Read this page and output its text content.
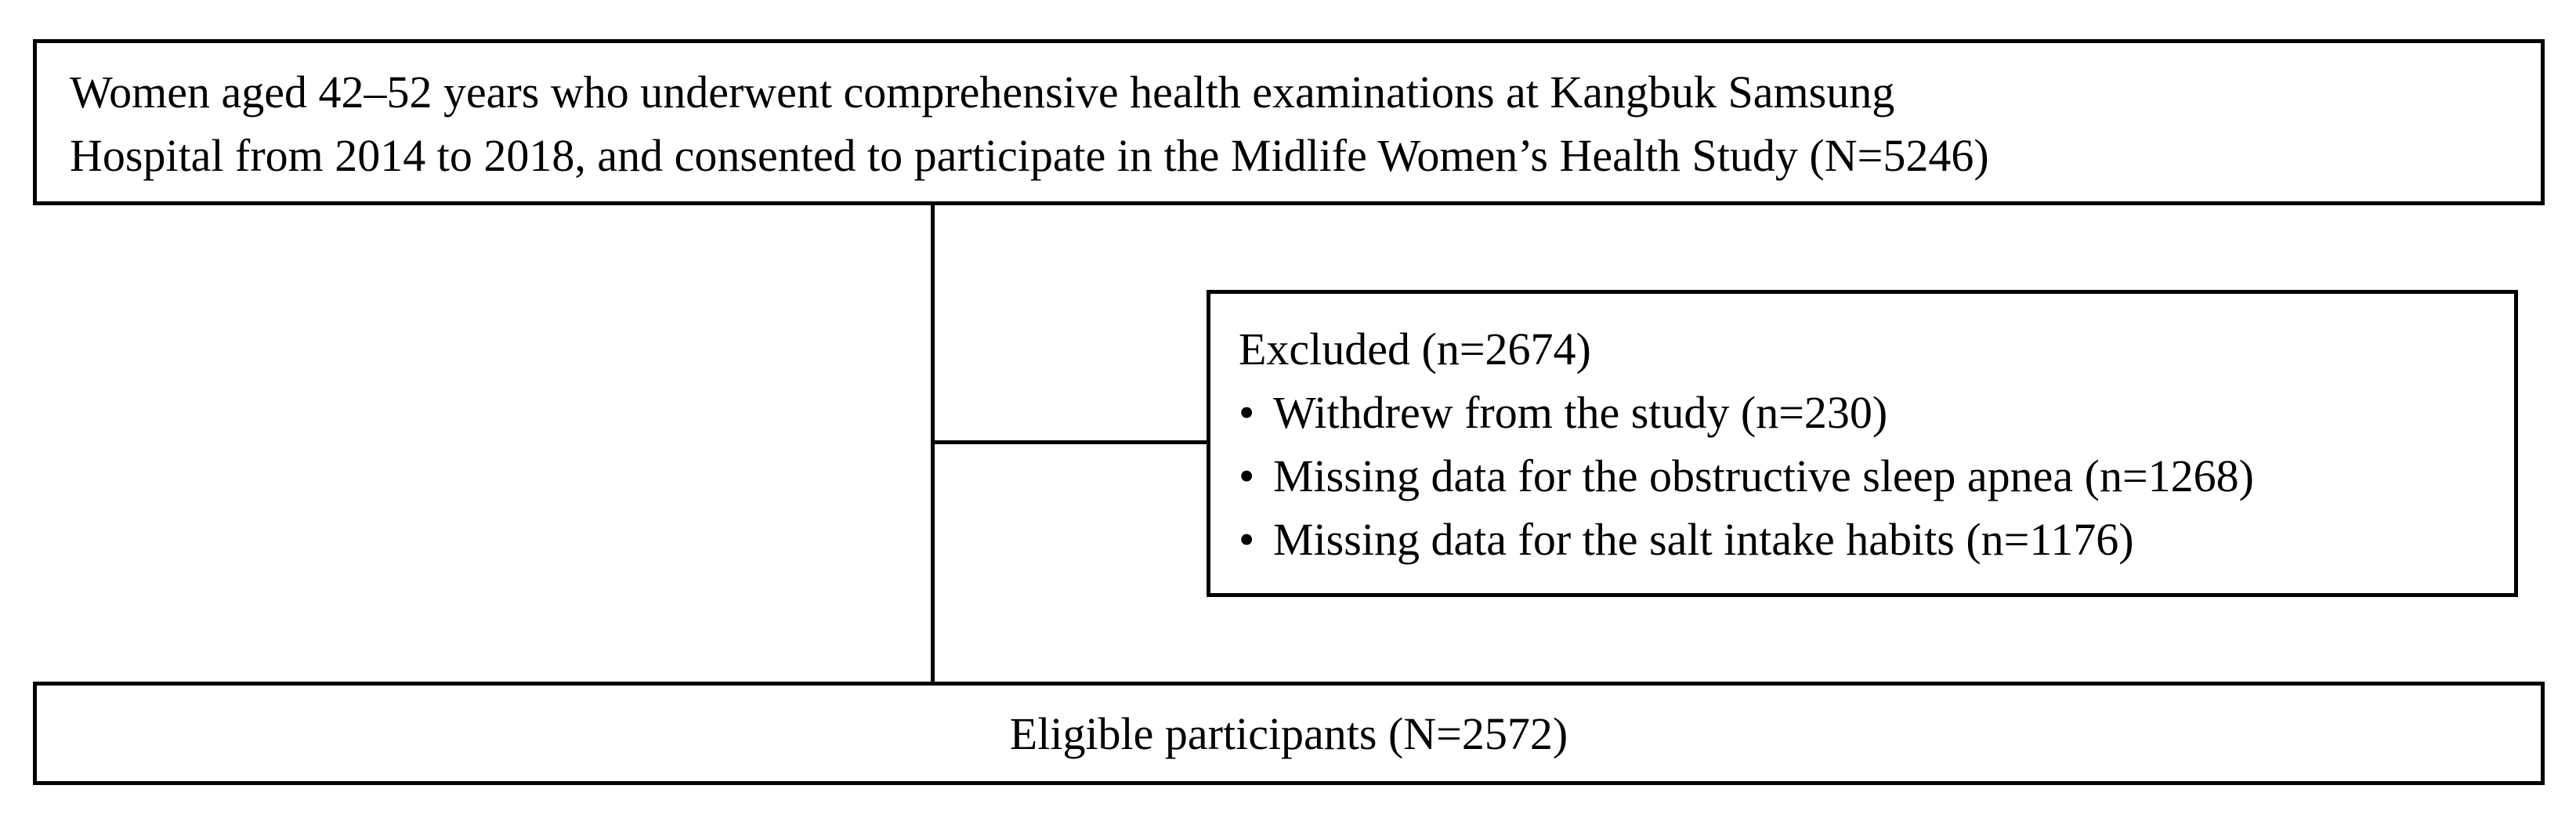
Women aged 42–52 years who underwent comprehensive health examinations at Kangbuk Samsung
Hospital from 2014 to 2018, and consented to participate in the Midlife Women’s Health Study (N=5246)
Excluded (n=2674)
• Withdrew from the study (n=230)
• Missing data for the obstructive sleep apnea (n=1268)
• Missing data for the salt intake habits (n=1176)
Eligible participants (N=2572)
